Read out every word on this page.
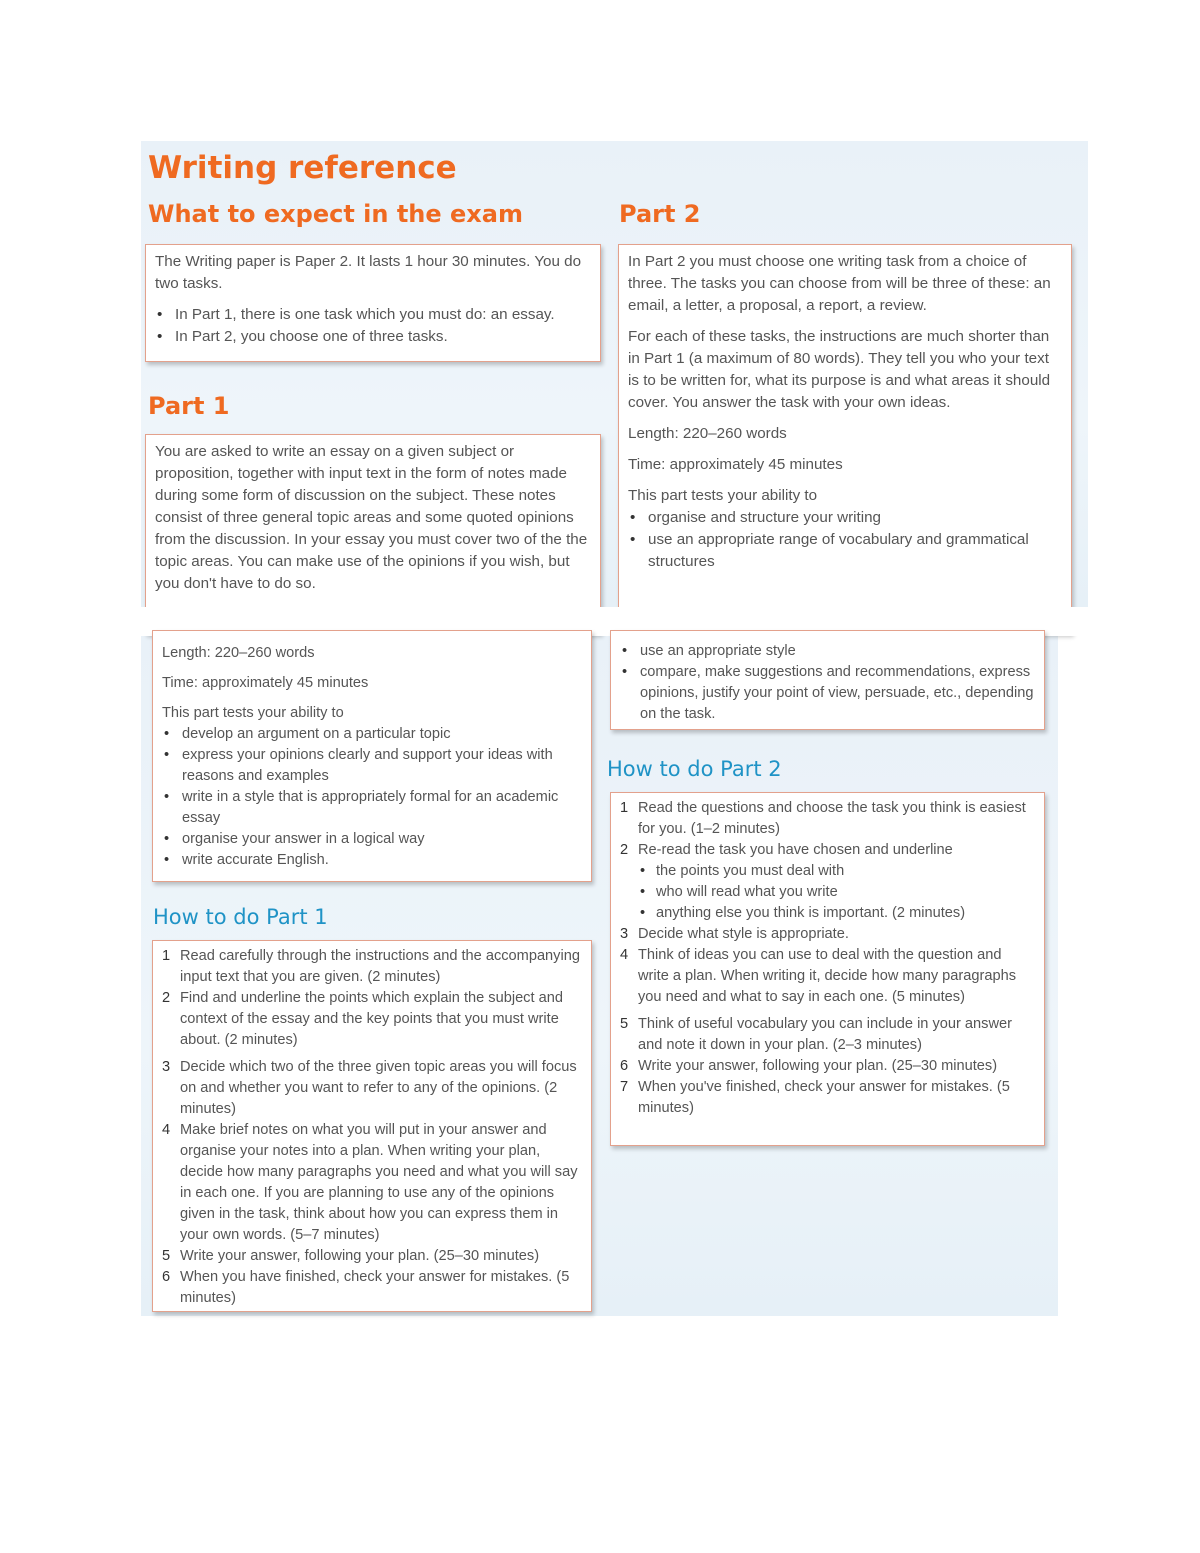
Writing reference
What to expect in the exam	Part 2
Part 1

The Writing paper is Paper 2. It lasts 1 hour 30 minutes. You do two tasks.

• In Part 1, there is one task which you must do: an essay.
• In Part 2, you choose one of three tasks.

You are asked to write an essay on a given subject or proposition, together with input text in the form of notes made during some form of discussion on the subject. These notes consist of three general topic areas and some quoted opinions from the discussion. In your essay you must cover two of the the topic areas. You can make use of the opinions if you wish, but you don't have to do so.

In Part 2 you must choose one writing task from a choice of three. The tasks you can choose from will be three of these: an email, a letter, a proposal, a report, a review.

For each of these tasks, the instructions are much shorter than in Part 1 (a maximum of 80 words). They tell you who your text is to be written for, what its purpose is and what areas it should cover. You answer the task with your own ideas.

Length: 220–260 words

Time: approximately 45 minutes

This part tests your ability to

• organise and structure your writing
• use an appropriate range of vocabulary and grammatical structures

Length: 220–260 words

Time: approximately 45 minutes

This part tests your ability to

• develop an argument on a particular topic
• express your opinions clearly and support your ideas with reasons and examples
• write in a style that is appropriately formal for an academic essay
• organise your answer in a logical way
• write accurate English.
• use an appropriate style
• compare, make suggestions and recommendations, express opinions, justify your point of view, persuade, etc., depending on the task.
How to do Part 1
How to do Part 2
1 Read carefully through the instructions and the accompanying input text that you are given. (2 minutes)
2 Find and underline the points which explain the subject and context of the essay and the key points that you must write about. (2 minutes)
3 Decide which two of the three given topic areas you will focus on and whether you want to refer to any of the opinions. (2 minutes)
4 Make brief notes on what you will put in your answer and organise your notes into a plan. When writing your plan, decide how many paragraphs you need and what you will say in each one. If you are planning to use any of the opinions given in the task, think about how you can express them in your own words. (5–7 minutes)
5 Write your answer, following your plan. (25–30 minutes)
6 When you have finished, check your answer for mistakes. (5 minutes)
1 Read the questions and choose the task you think is easiest for you. (1–2 minutes)
2 Re-read the task you have chosen and underline
• the points you must deal with
• who will read what you write
• anything else you think is important. (2 minutes)
3 Decide what style is appropriate.
4 Think of ideas you can use to deal with the question and write a plan. When writing it, decide how many paragraphs you need and what to say in each one. (5 minutes)
5 Think of useful vocabulary you can include in your answer and note it down in your plan. (2–3 minutes)
6 Write your answer, following your plan. (25–30 minutes)
7 When you've finished, check your answer for mistakes. (5 minutes)
